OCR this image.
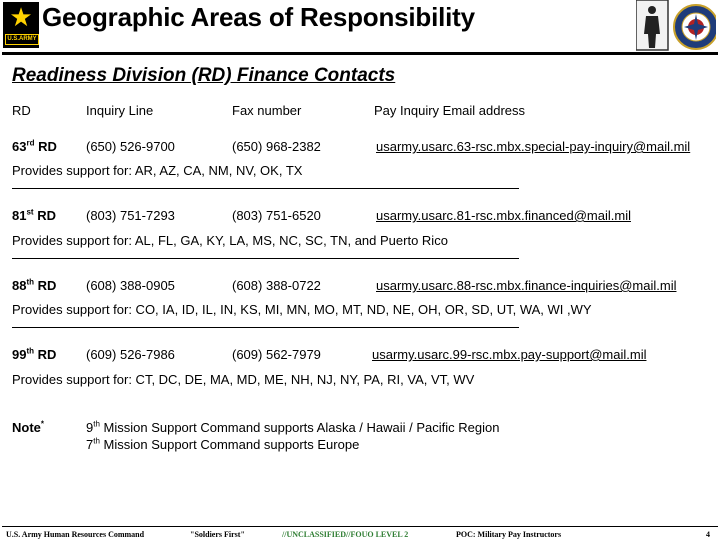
★
U.S.ARMY
Geographic Areas of Responsibility
Readiness Division (RD) Finance Contacts
RD	Inquiry Line	Fax number	Pay Inquiry Email address
63rd RD (650) 526-9700	(650) 968-2382	usarmy.usarc.63-rsc.mbx.special-pay-inquiry@mail.mil
Provides support for: AR, AZ, CA, NM, NV, OK, TX
81st RD (803) 751-7293	(803) 751-6520	usarmy.usarc.81-rsc.mbx.financed@mail.mil
Provides support for: AL, FL, GA, KY, LA, MS, NC, SC, TN, and Puerto Rico
88th RD (608) 388-0905	(608) 388-0722	usarmy.usarc.88-rsc.mbx.finance-inquiries@mail.mil
Provides support for: CO, IA, ID, IL, IN, KS, MI, MN, MO, MT, ND, NE, OH, OR, SD, UT, WA, WI ,WY
99th RD (609) 526-7986	(609) 562-7979	usarmy.usarc.99-rsc.mbx.pay-support@mail.mil
Provides support for: CT, DC, DE, MA, MD, ME, NH, NJ, NY, PA, RI, VA, VT, WV
Note*	9th Mission Support Command supports Alaska / Hawaii / Pacific Region
7th Mission Support Command supports Europe
U.S. Army Human Resources Command	"Soldiers First"	//UNCLASSIFIED//FOUO LEVEL 2	POC: Military Pay Instructors	4
